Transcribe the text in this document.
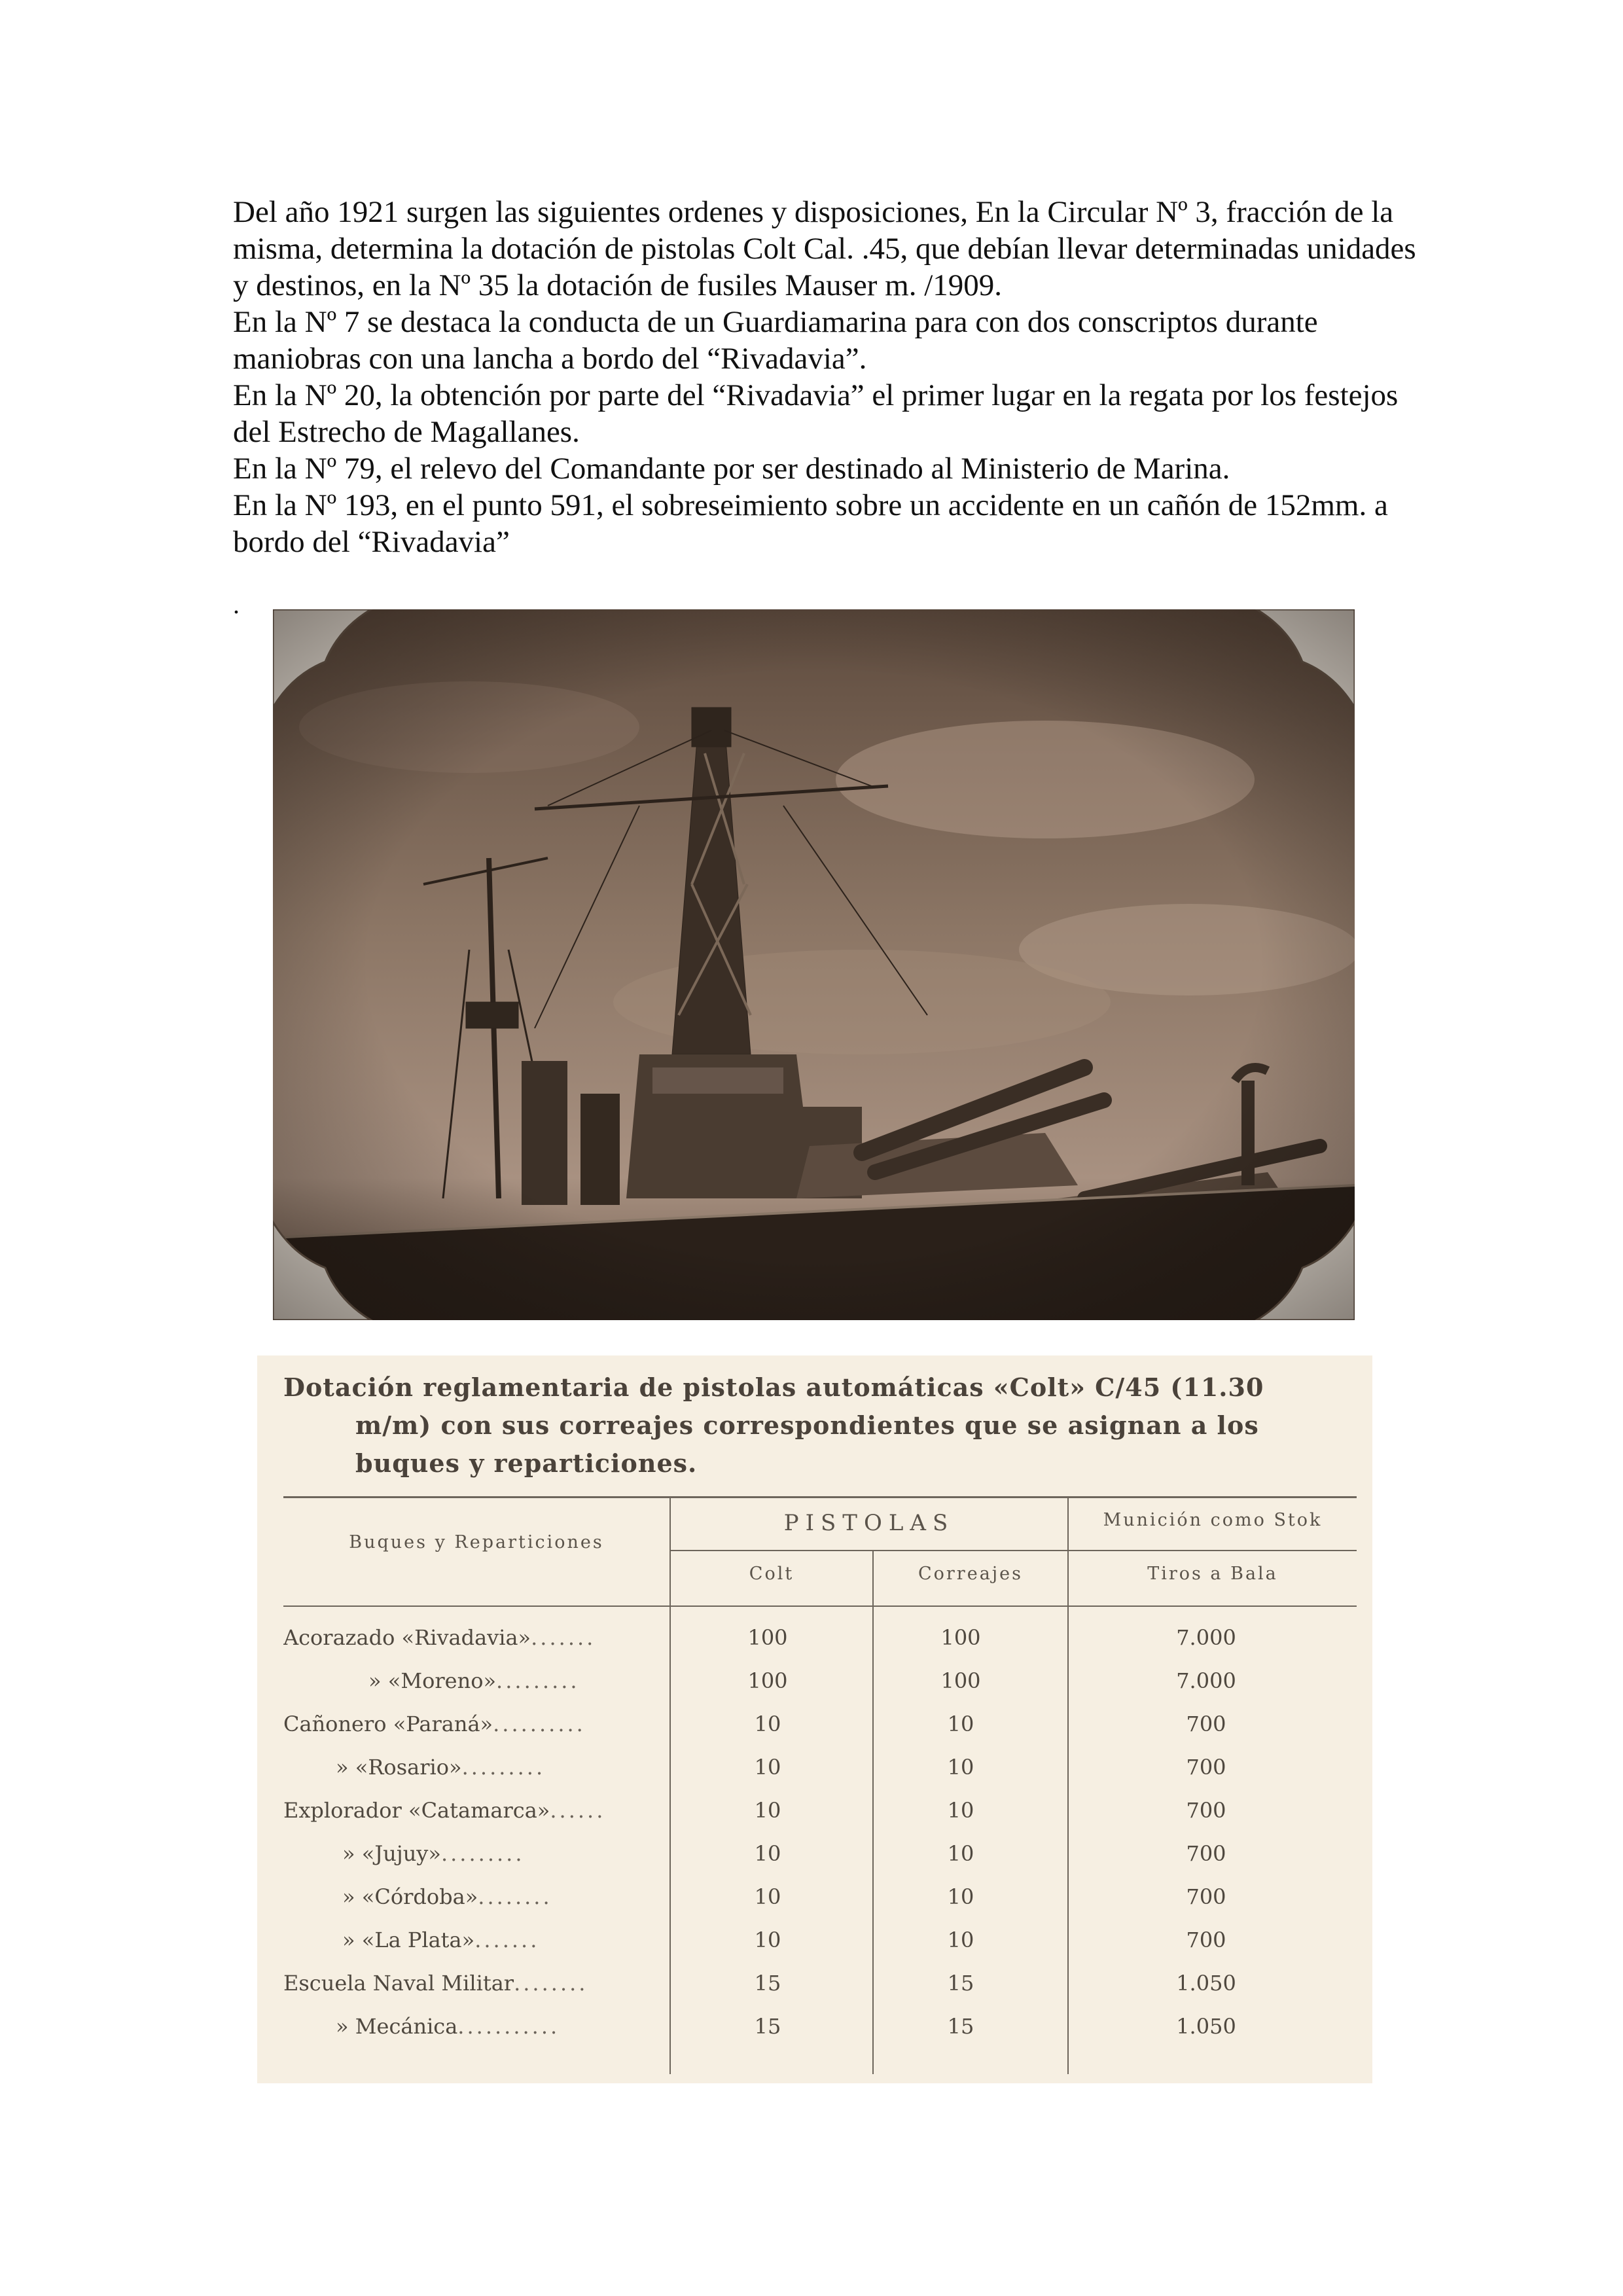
Del año 1921 surgen las siguientes ordenes y disposiciones, En la Circular Nº 3, fracción de la misma, determina la dotación de pistolas Colt Cal. .45, que debían llevar determinadas unidades y destinos, en la Nº 35 la dotación de fusiles Mauser m. /1909.

En la Nº 7 se destaca la conducta de un Guardiamarina para con dos conscriptos durante maniobras con una lancha a bordo del “Rivadavia”.

En la Nº 20, la obtención por parte del “Rivadavia” el primer lugar en la regata por los festejos del Estrecho de Magallanes.

En la Nº 79, el relevo del Comandante por ser destinado al Ministerio de Marina.

En la Nº 193, en el punto 591, el sobreseimiento sobre un accidente en un cañón de 152mm. a bordo del “Rivadavia”

.
Dotación reglamentaria de pistolas automáticas «Colt» C/45 (11.30
m/m) con sus correajes correspondientes que se asignan a los
buques y reparticiones.
Buques y Reparticiones
PISTOLAS
Colt	Correajes
Munición como Stok
Tiros a Bala
Acorazado «Rivadavia».......	100	100	7.000
» «Moreno».........	100	100	7.000
Cañonero «Paraná»..........	10	10	700
» «Rosario».........	10	10	700
Explorador «Catamarca»......	10	10	700
» «Jujuy».........	10	10	700
» «Córdoba»........	10	10	700
» «La Plata».......	10	10	700
Escuela Naval Militar........	15	15	1.050
» Mecánica...........	15	15	1.050
